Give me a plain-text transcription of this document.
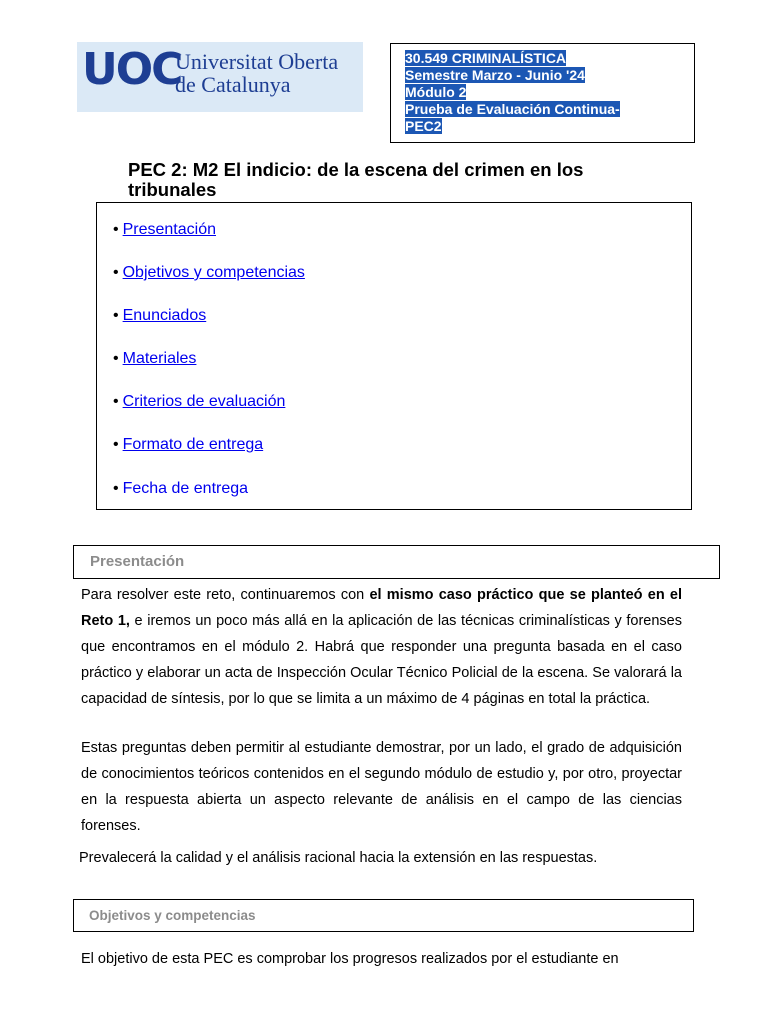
UOC
Universitat Oberta
de Catalunya
30.549 CRIMINALÍSTICA
Semestre Marzo - Junio '24
Módulo 2
Prueba de Evaluación Continua-
PEC2
PEC 2: M2 El indicio: de la escena del crimen en los tribunales
• Presentación
• Objetivos y competencias
• Enunciados
• Materiales
• Criterios de evaluación
• Formato de entrega
• Fecha de entrega
Presentación

Para resolver este reto, continuaremos con el mismo caso práctico que se planteó en el Reto 1, e iremos un poco más allá en la aplicación de las técnicas criminalísticas y forenses que encontramos en el módulo 2. Habrá que responder una pregunta basada en el caso práctico y elaborar un acta de Inspección Ocular Técnico Policial de la escena. Se valorará la capacidad de síntesis, por lo que se limita a un máximo de 4 páginas en total la práctica.

Estas preguntas deben permitir al estudiante demostrar, por un lado, el grado de adquisición de conocimientos teóricos contenidos en el segundo módulo de estudio y, por otro, proyectar en la respuesta abierta un aspecto relevante de análisis en el campo de las ciencias forenses.

Prevalecerá la calidad y el análisis racional hacia la extensión en las respuestas.

Objetivos y competencias

El objetivo de esta PEC es comprobar los progresos realizados por el estudiante en
